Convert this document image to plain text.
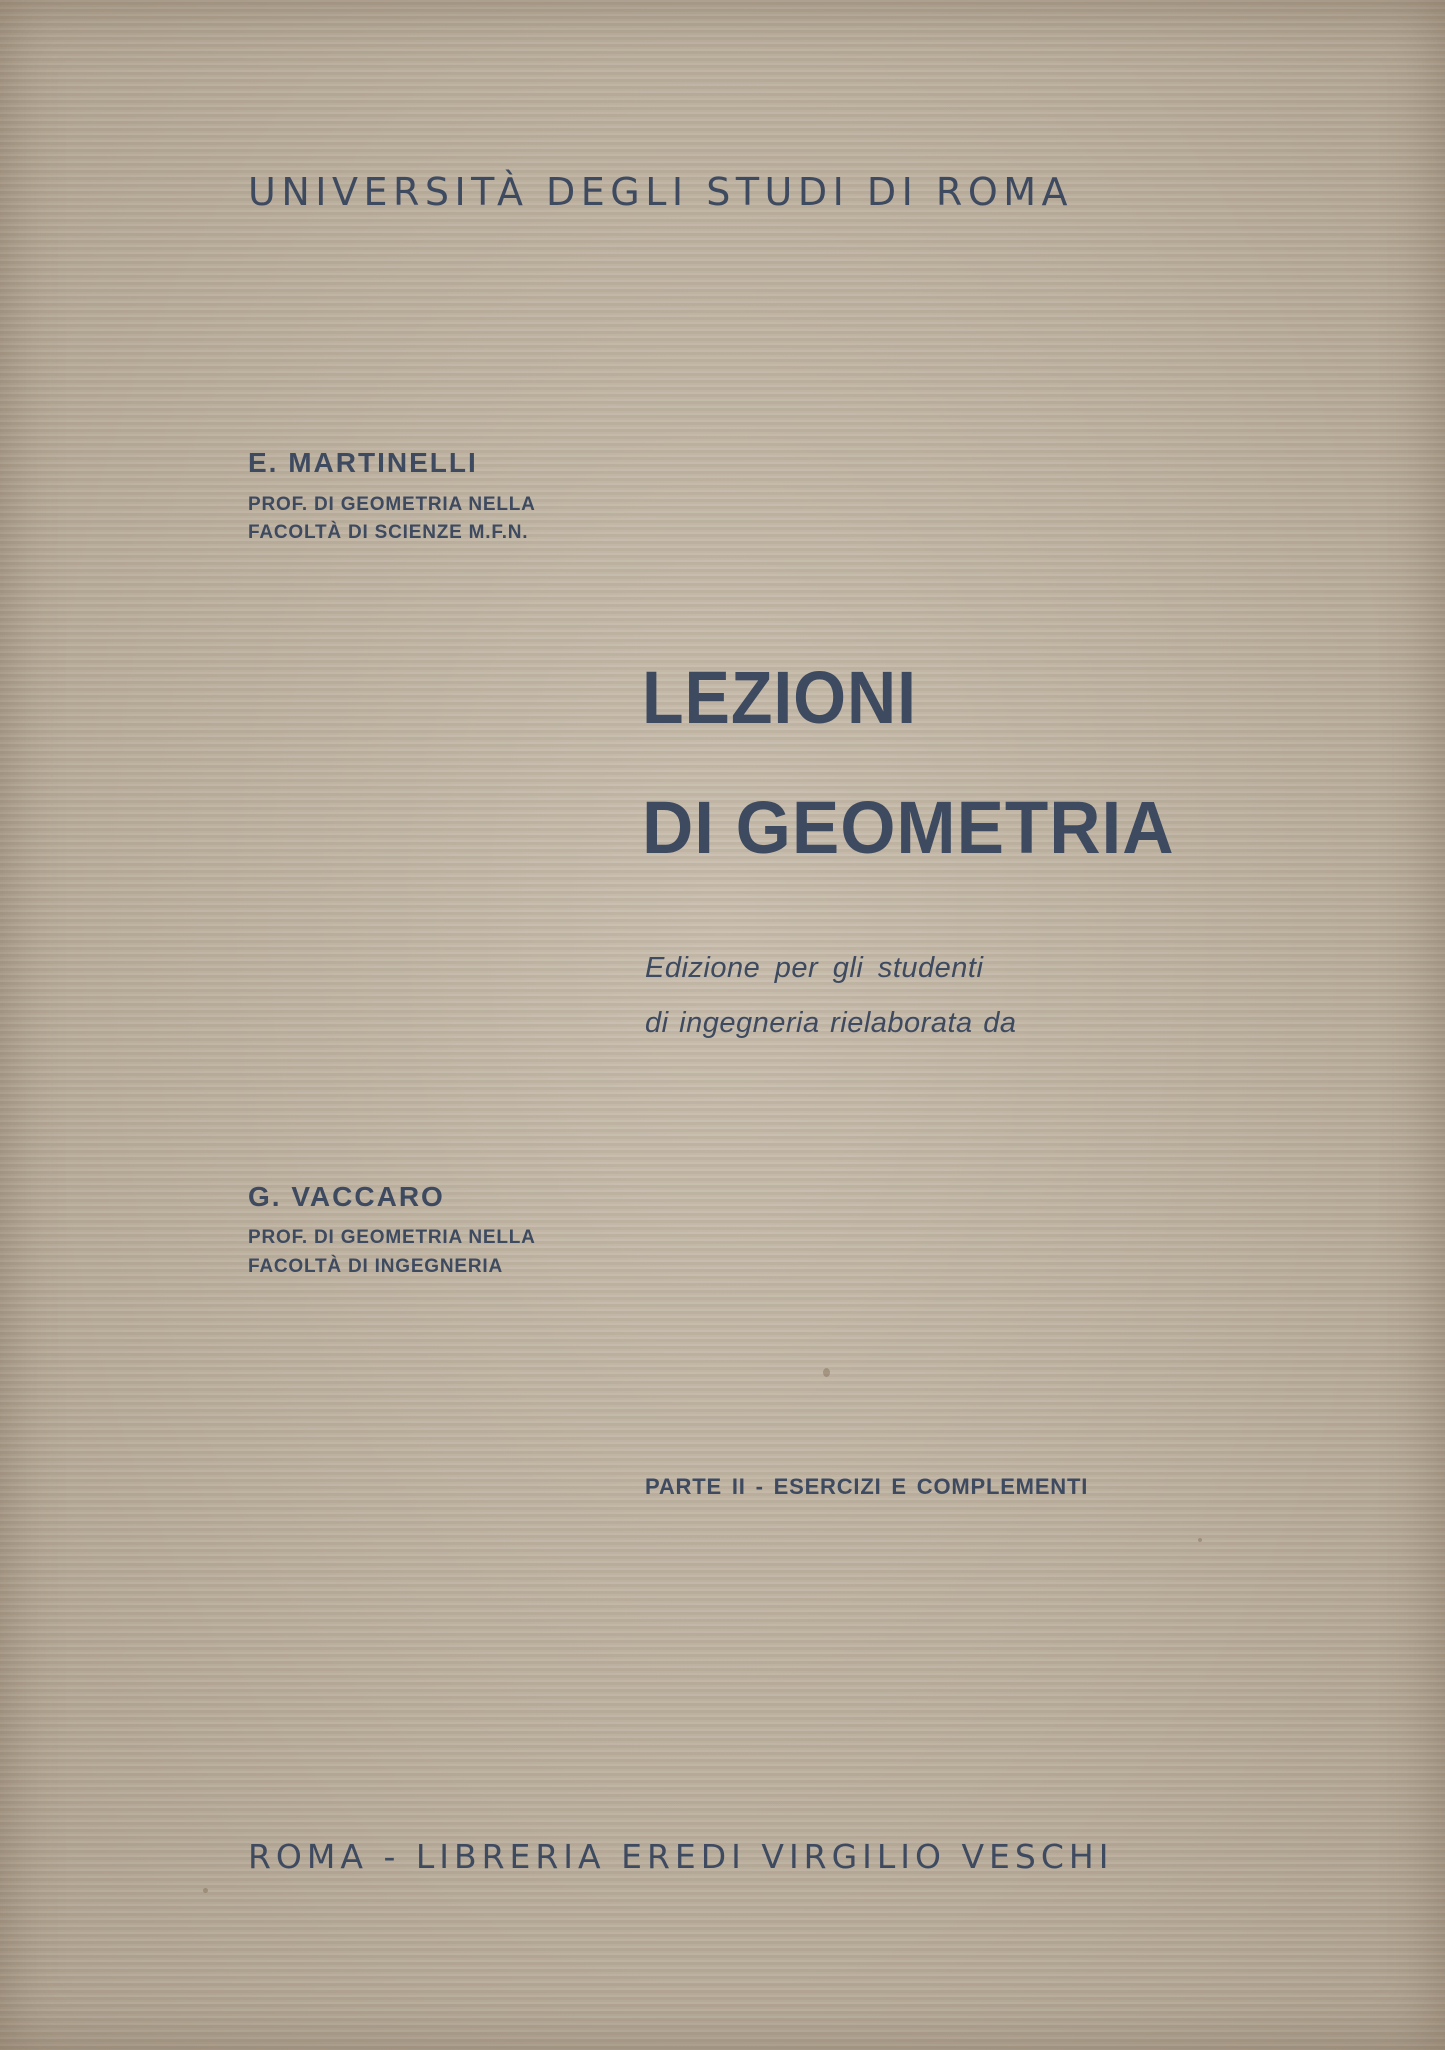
UNIVERSITÀ DEGLI STUDI DI ROMA

E. MARTINELLI

PROF. DI GEOMETRIA NELLA

FACOLTÀ DI SCIENZE M.F.N.

LEZIONI
DI GEOMETRIA

Edizione per gli studenti

di ingegneria rielaborata da

G. VACCARO

PROF. DI GEOMETRIA NELLA

FACOLTÀ DI INGEGNERIA

PARTE II - ESERCIZI E COMPLEMENTI

ROMA - LIBRERIA EREDI VIRGILIO VESCHI
